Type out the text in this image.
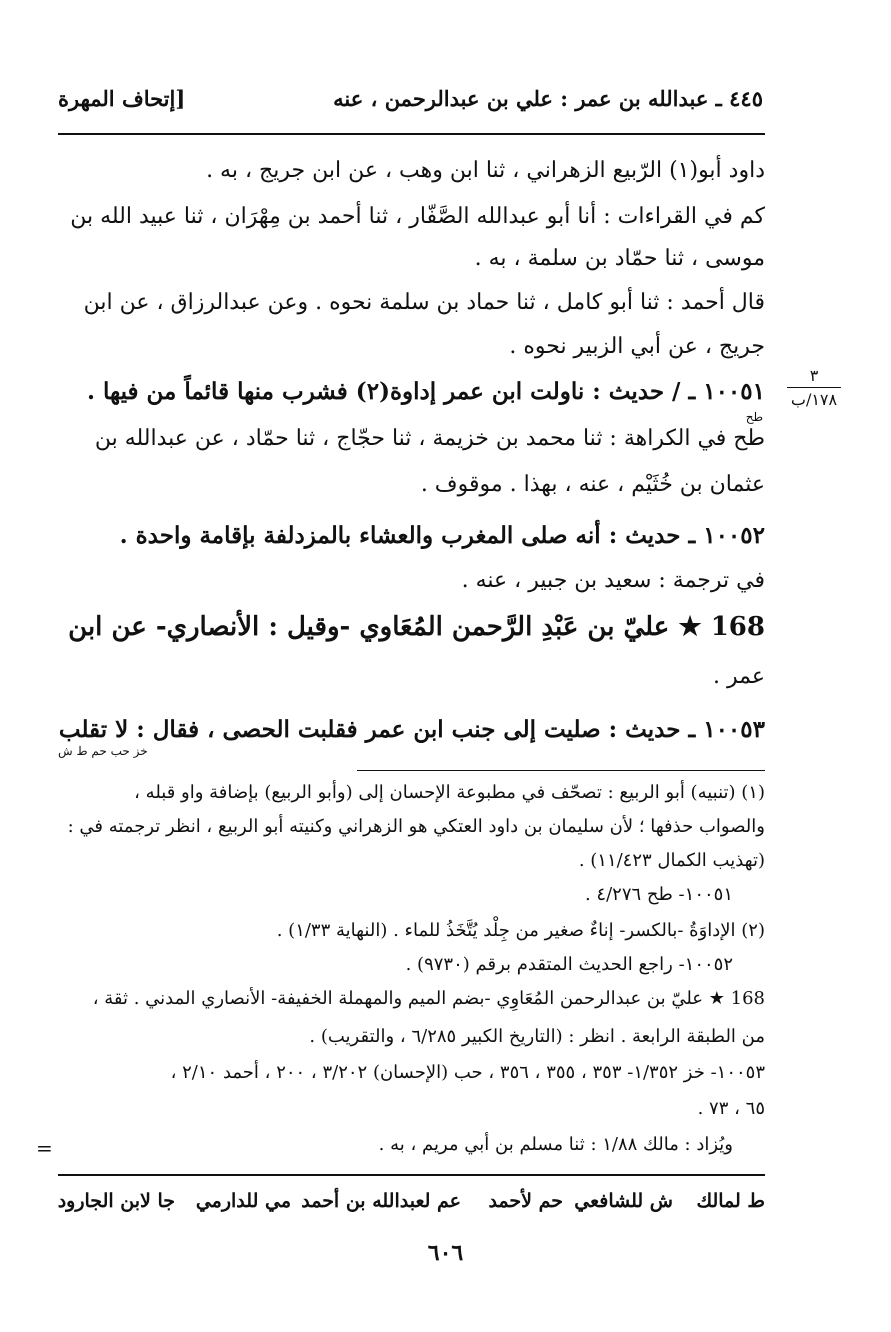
٤٤٥ ـ عبدالله بن عمر : علي بن عبدالرحمن ، عنه
[إتحاف المهرة
داود أبو(١) الرّبيع الزهراني ، ثنا ابن وهب ، عن ابن جريج ، به .
كم في القراءات : أنا أبو عبدالله الصَّفّار ، ثنا أحمد بن مِهْرَان ، ثنا عبيد الله بن
موسى ، ثنا حمّاد بن سلمة ، به .
قال أحمد : ثنا أبو كامل ، ثنا حماد بن سلمة نحوه . وعن عبدالرزاق ، عن ابن
جريج ، عن أبي الزبير نحوه .
١٠٠٥١ ـ / حديث : ناولت ابن عمر إداوة(٢) فشرب منها قائماً من فيها .
طح
٣
١٧٨/ب
طح في الكراهة : ثنا محمد بن خزيمة ، ثنا حجّاج ، ثنا حمّاد ، عن عبدالله بن
عثمان بن خُثَيْم ، عنه ، بهذا . موقوف .
١٠٠٥٢ ـ حديث : أنه صلى المغرب والعشاء بالمزدلفة بإقامة واحدة .
في ترجمة : سعيد بن جبير ، عنه .
168 ★ عليّ بن عَبْدِ الرَّحمن المُعَاوي -وقيل : الأنصاري- عن ابن
عمر .
١٠٠٥٣ ـ حديث : صليت إلى جنب ابن عمر فقلبت الحصى ، فقال : لا تقلب
خز حب حم ط ش
(١) (تنبيه) أبو الربيع : تصحّف في مطبوعة الإحسان إلى (وأبو الربيع) بإضافة واو قبله ،
والصواب حذفها ؛ لأن سليمان بن داود العتكي هو الزهراني وكنيته أبو الربيع ، انظر ترجمته في :
(تهذيب الكمال ١١/٤٢٣) .
١٠٠٥١- طح ٤/٢٧٦ .
(٢) الإداوَةُ -بالكسر- إناءٌ صغير من جِلْد يُتَّخَذُ للماء . (النهاية ١/٣٣) .
١٠٠٥٢- راجع الحديث المتقدم برقم (٩٧٣٠) .
168 ★ عليّ بن عبدالرحمن المُعَاوِي -بضم الميم والمهملة الخفيفة- الأنصاري المدني . ثقة ،
من الطبقة الرابعة . انظر : (التاريخ الكبير ٦/٢٨٥ ، والتقريب) .
١٠٠٥٣- خز ١/٣٥٢- ٣٥٣ ، ٣٥٥ ، ٣٥٦ ، حب (الإحسان) ٣/٢٠٢ ، ٢٠٠ ، أحمد ٢/١٠ ،
٦٥ ، ٧٣ .
ويُزاد : مالك ١/٨٨ : ثنا مسلم بن أبي مريم ، به .
=
ط لمالك
ش للشافعي
حم لأحمد
عم لعبدالله بن أحمد
مي للدارمي
جا لابن الجارود
٦٠٦
